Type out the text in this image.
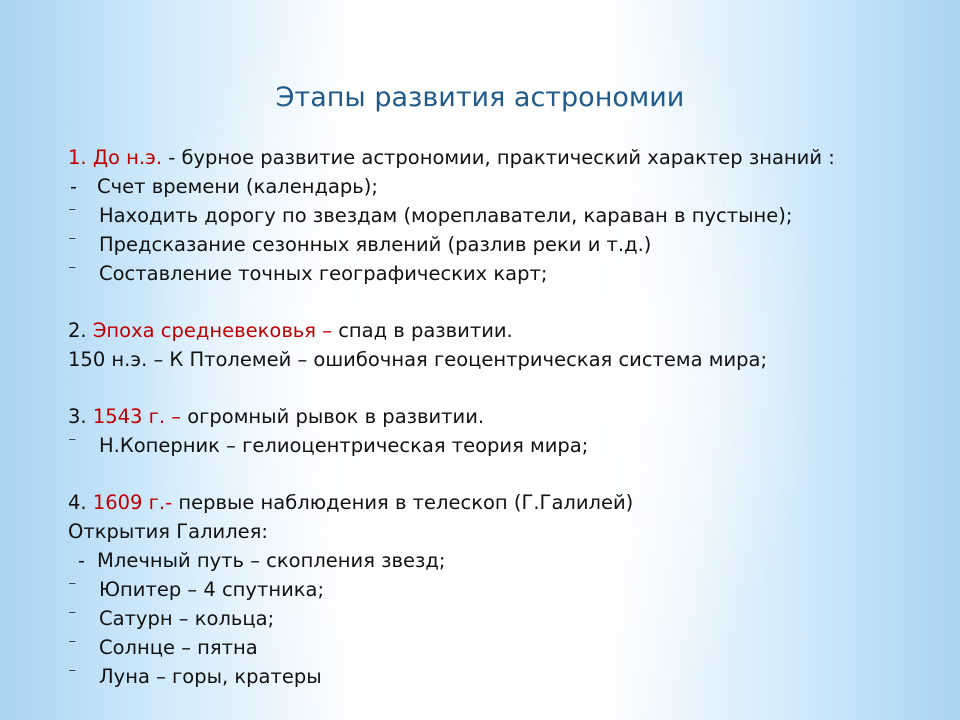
Этапы развития астрономии
1. До н.э. - бурное развитие астрономии, практический характер знаний :
- Счет времени (календарь);
⁻ Находить дорогу по звездам (мореплаватели, караван в пустыне);
⁻ Предсказание сезонных явлений (разлив реки и т.д.)
⁻ Составление точных географических карт;
2. Эпоха средневековья – спад в развитии.
150 н.э. – К Птолемей – ошибочная геоцентрическая система мира;
3. 1543 г. – огромный рывок в развитии.
⁻ Н.Коперник – гелиоцентрическая теория мира;
4. 1609 г.- первые наблюдения в телескоп (Г.Галилей)
Открытия Галилея:
- Млечный путь – скопления звезд;
⁻ Юпитер – 4 спутника;
⁻ Сатурн – кольца;
⁻ Солнце – пятна
⁻ Луна – горы, кратеры
